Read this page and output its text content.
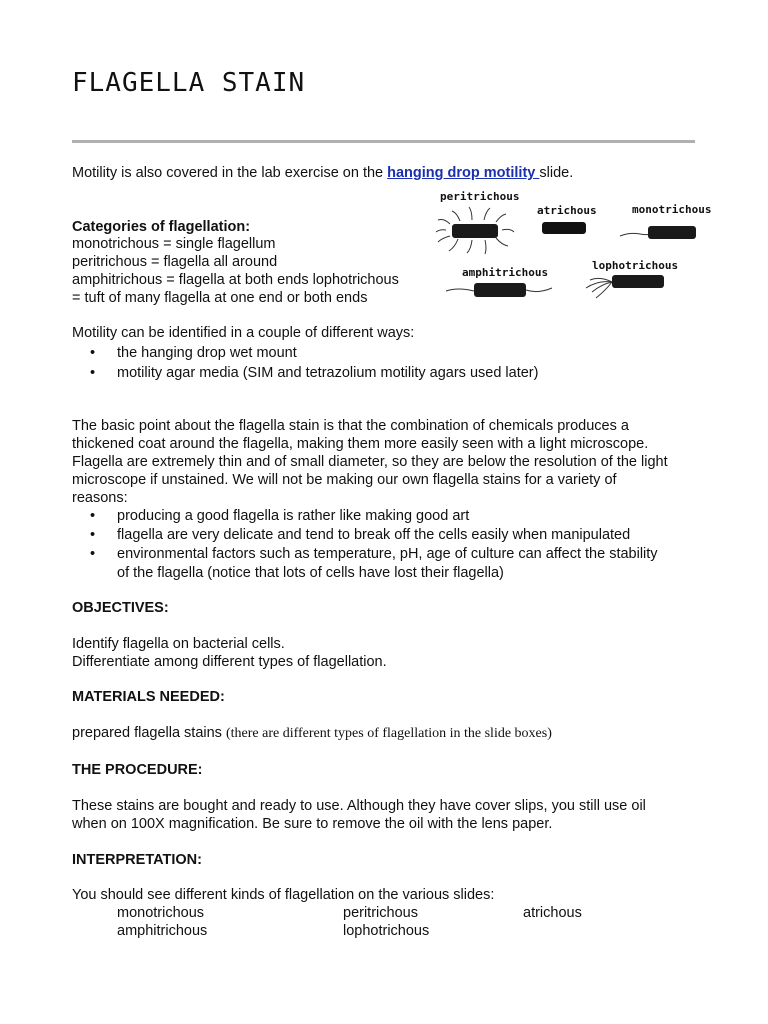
FLAGELLA STAIN
Motility is also covered in the lab exercise on the hanging drop motility slide.
Categories of flagellation:
monotrichous = single flagellum
peritrichous = flagella all around
amphitrichous = flagella at both ends lophotrichous
= tuft of many flagella at one end or both ends
peritrichous
atrichous	monotrichous
amphitrichous
lophotrichous
Motility can be identified in a couple of different ways:
• the hanging drop wet mount
• motility agar media (SIM and tetrazolium motility agars used later)
The basic point about the flagella stain is that the combination of chemicals produces a
thickened coat around the flagella, making them more easily seen with a light microscope.
Flagella are extremely thin and of small diameter, so they are below the resolution of the light
microscope if unstained. We will not be making our own flagella stains for a variety of
reasons:
• producing a good flagella is rather like making good art
• flagella are very delicate and tend to break off the cells easily when manipulated
• environmental factors such as temperature, pH, age of culture can affect the stability
of the flagella (notice that lots of cells have lost their flagella)
OBJECTIVES:
Identify flagella on bacterial cells.
Differentiate among different types of flagellation.
MATERIALS NEEDED:
prepared flagella stains (there are different types of flagellation in the slide boxes)
THE PROCEDURE:
These stains are bought and ready to use. Although they have cover slips, you still use oil
when on 100X magnification. Be sure to remove the oil with the lens paper.
INTERPRETATION:
You should see different kinds of flagellation on the various slides:
monotrichous	peritrichous	atrichous
amphitrichous	lophotrichous
